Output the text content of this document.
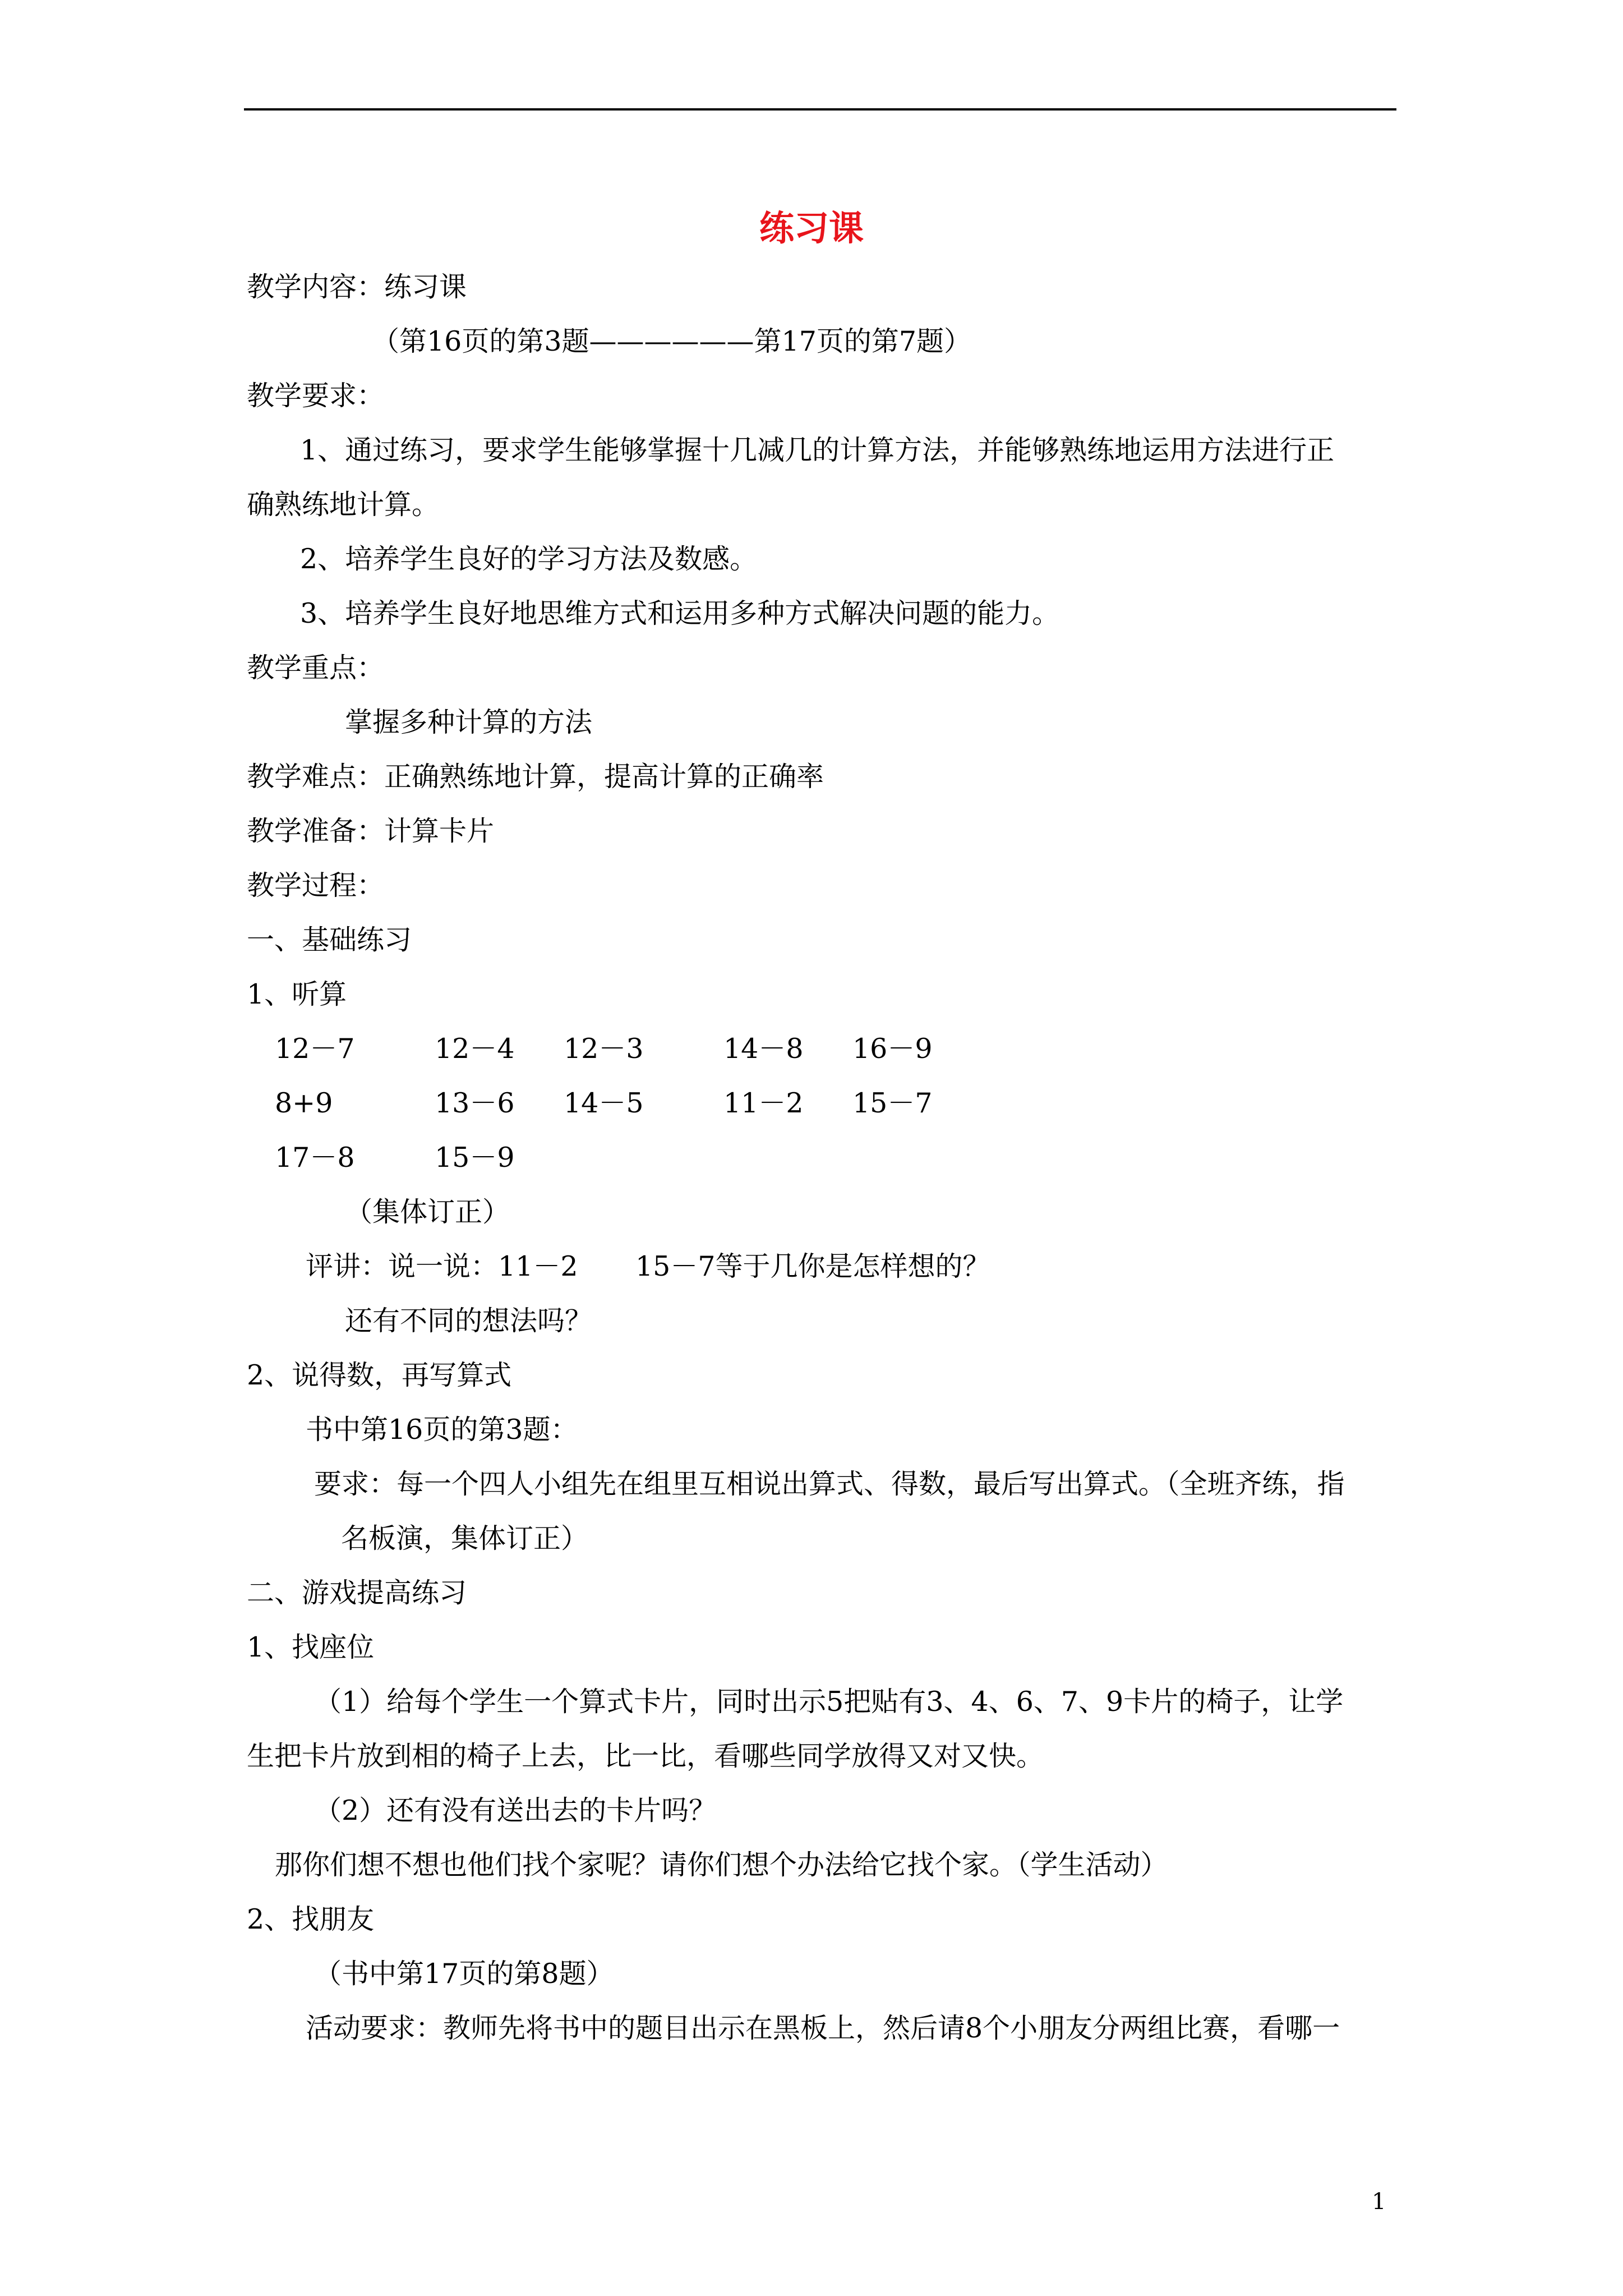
练习课
教学内容：练习课
（第16页的第3题——————第17页的第7题）
教学要求：
1、通过练习，要求学生能够掌握十几减几的计算方法，并能够熟练地运用方法进行正
确熟练地计算。
2、培养学生良好的学习方法及数感。
3、培养学生良好地思维方式和运用多种方式解决问题的能力。
教学重点：
掌握多种计算的方法
教学难点：正确熟练地计算，提高计算的正确率
教学准备：计算卡片
教学过程：
一、基础练习
1、听算
12－7	12－4 12－3	14－8 16－9
8+9	13－6 14－5	11－2 15－7
17－8	15－9
（集体订正）
评讲：说一说：11－2 15－7等于几你是怎样想的？
还有不同的想法吗？
2、说得数，再写算式
书中第16页的第3题：
要求：每一个四人小组先在组里互相说出算式、得数，最后写出算式。（全班齐练，指
名板演，集体订正）
二、游戏提高练习
1、找座位
（1）给每个学生一个算式卡片，同时出示5把贴有3、4、6、7、9卡片的椅子，让学
生把卡片放到相的椅子上去，比一比，看哪些同学放得又对又快。
（2）还有没有送出去的卡片吗？
那你们想不想也他们找个家呢？请你们想个办法给它找个家。（学生活动）
2、找朋友
（书中第17页的第8题）
活动要求：教师先将书中的题目出示在黑板上，然后请8个小朋友分两组比赛，看哪一
1
